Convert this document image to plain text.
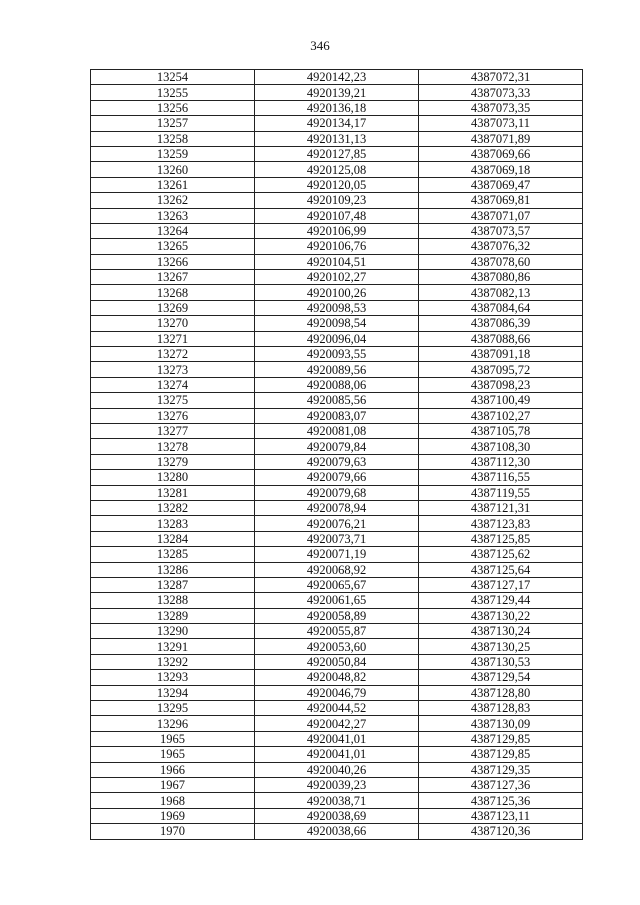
346
13254	4920142,23	4387072,31
13255	4920139,21	4387073,33
13256	4920136,18	4387073,35
13257	4920134,17	4387073,11
13258	4920131,13	4387071,89
13259	4920127,85	4387069,66
13260	4920125,08	4387069,18
13261	4920120,05	4387069,47
13262	4920109,23	4387069,81
13263	4920107,48	4387071,07
13264	4920106,99	4387073,57
13265	4920106,76	4387076,32
13266	4920104,51	4387078,60
13267	4920102,27	4387080,86
13268	4920100,26	4387082,13
13269	4920098,53	4387084,64
13270	4920098,54	4387086,39
13271	4920096,04	4387088,66
13272	4920093,55	4387091,18
13273	4920089,56	4387095,72
13274	4920088,06	4387098,23
13275	4920085,56	4387100,49
13276	4920083,07	4387102,27
13277	4920081,08	4387105,78
13278	4920079,84	4387108,30
13279	4920079,63	4387112,30
13280	4920079,66	4387116,55
13281	4920079,68	4387119,55
13282	4920078,94	4387121,31
13283	4920076,21	4387123,83
13284	4920073,71	4387125,85
13285	4920071,19	4387125,62
13286	4920068,92	4387125,64
13287	4920065,67	4387127,17
13288	4920061,65	4387129,44
13289	4920058,89	4387130,22
13290	4920055,87	4387130,24
13291	4920053,60	4387130,25
13292	4920050,84	4387130,53
13293	4920048,82	4387129,54
13294	4920046,79	4387128,80
13295	4920044,52	4387128,83
13296	4920042,27	4387130,09
1965	4920041,01	4387129,85
1965	4920041,01	4387129,85
1966	4920040,26	4387129,35
1967	4920039,23	4387127,36
1968	4920038,71	4387125,36
1969	4920038,69	4387123,11
1970	4920038,66	4387120,36
